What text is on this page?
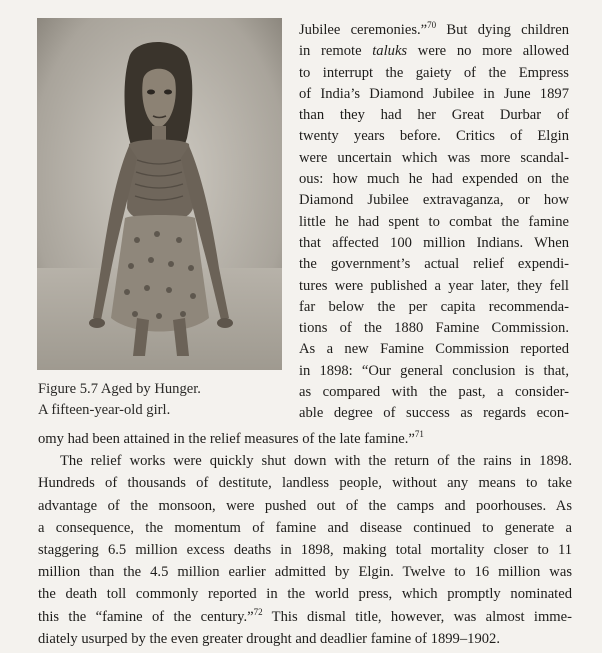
Figure 5.7 Aged by Hunger.
A fifteen-year-old girl.
Jubilee ceremonies.”$^{70}$ But dying children
in remote taluks were no more allowed
to interrupt the gaiety of the Empress
of India’s Diamond Jubilee in June 1897
than they had her Great Durbar of
twenty years before. Critics of Elgin
were uncertain which was more scandal-
ous: how much he had expended on the
Diamond Jubilee extravaganza, or how
little he had spent to combat the famine
that affected 100 million Indians. When
the government’s actual relief expendi-
tures were published a year later, they fell
far below the per capita recommenda-
tions of the 1880 Famine Commission.
As a new Famine Commission reported
in 1898: “Our general conclusion is that,
as compared with the past, a consider-
able degree of success as regards econ-
omy had been attained in the relief measures of the late famine.”$^{71}$
The relief works were quickly shut down with the return of the rains in 1898.
Hundreds of thousands of destitute, landless people, without any means to take
advantage of the monsoon, were pushed out of the camps and poorhouses. As
a consequence, the momentum of famine and disease continued to generate a
staggering 6.5 million excess deaths in 1898, making total mortality closer to 11
million than the 4.5 million earlier admitted by Elgin. Twelve to 16 million was
the death toll commonly reported in the world press, which promptly nominated
this the “famine of the century.”$^{72}$ This dismal title, however, was almost imme-
diately usurped by the even greater drought and deadlier famine of 1899–1902.
